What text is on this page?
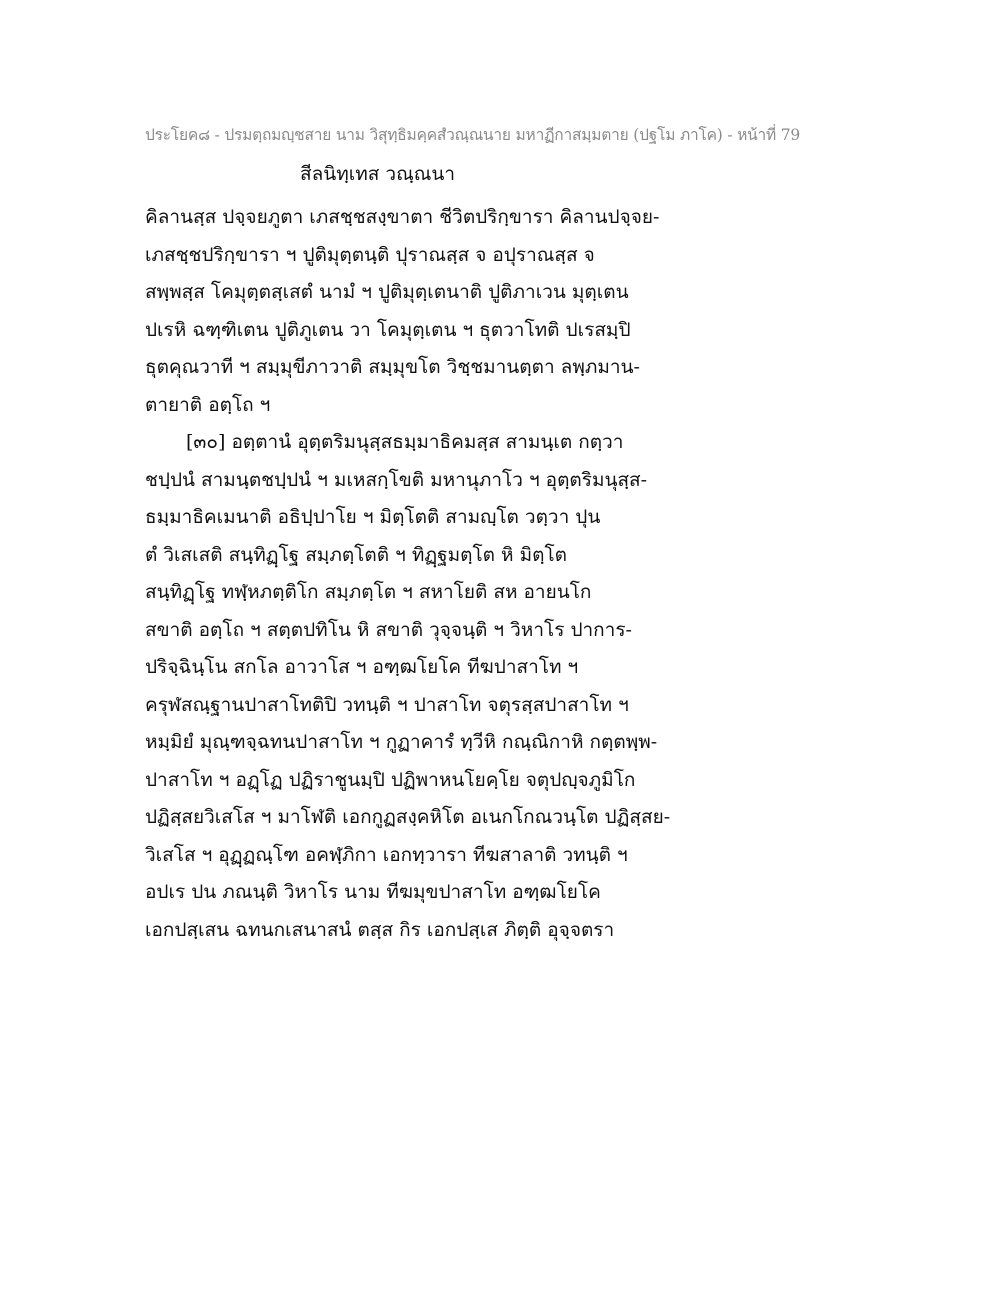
ประโยค๘ - ปรมตฺถมญฺชสาย นาม วิสุทฺธิมคฺคสํวณฺณนาย มหาฏีกาสมฺมตาย (ปฐโม ภาโค) - หน้าที่ 79
สีลนิทฺเทส วณฺณนา
คิลานสฺส ปจฺจยภูตา เภสชฺชสงฺขาตา ชีวิตปริกฺขารา คิลานปจฺจย-
เภสชฺชปริกฺขารา ฯ ปูติมุตฺตนฺติ ปุราณสฺส จ อปุราณสฺส จ
สพฺพสฺส โคมุตฺตสฺเสตํ นามํ ฯ ปูติมุตฺเตนาติ ปูติภาเวน มุตฺเตน
ปเรหิ ฉฑฺฑิเตน ปูติภูเตน วา โคมุตฺเตน ฯ ธุตวาโทติ ปเรสมฺปิ
ธุตคุณวาที ฯ สมฺมุขีภาวาติ สมฺมุขโต วิชฺชมานตฺตา ลพฺภมาน-
ตายาติ อตฺโถ ฯ
[๓๐] อตฺตานํ อุตฺตริมนุสฺสธมฺมาธิคมสฺส สามนฺเต กตฺวา
ชปฺปนํ สามนฺตชปฺปนํ ฯ มเหสกฺโขติ มหานุภาโว ฯ อุตฺตริมนุสฺส-
ธมฺมาธิคเมนาติ อธิปฺปาโย ฯ มิตฺโตติ สามญฺโต วตฺวา ปุน
ตํ วิเสเสติ สนฺทิฏฺโฐ สมฺภตฺโตติ ฯ ทิฏฺฐมตฺโต หิ มิตฺโต
สนฺทิฏฺโฐ ทฬฺหภตฺติโก สมฺภตฺโต ฯ สหาโยติ สห อายนโก
สขาติ อตฺโถ ฯ สตฺตปทิโน หิ สขาติ วุจฺจนฺติ ฯ วิหาโร ปาการ-
ปริจฺฉินฺโน สกโล อาวาโส ฯ อฑฺฒโยโค ทีฆปาสาโท ฯ
ครุฬสณฺฐานปาสาโทติปิ วทนฺติ ฯ ปาสาโท จตุรสฺสปาสาโท ฯ
หมฺมิยํ มุณฺฑจฺฉทนปาสาโท ฯ กูฏาคารํ ทฺวีหิ กณฺณิกาหิ กตฺตพฺพ-
ปาสาโท ฯ อฏฺโฏ ปฏิราชูนมฺปิ ปฏิพาหนโยคฺโย จตุปญฺจภูมิโก
ปฏิสฺสยวิเสโส ฯ มาโฬติ เอกกูฏสงฺคหิโต อเนกโกณวนฺโต ปฏิสฺสย-
วิเสโส ฯ อุฏฺฏณฺโฑ อคฬฺภิกา เอกทฺวารา ทีฆสาลาติ วทนฺติ ฯ
อปเร ปน ภณนฺติ วิหาโร นาม ทีฆมุขปาสาโท อฑฺฒโยโค
เอกปสฺเสน ฉทนกเสนาสนํ ตสฺส กิร เอกปสฺเส ภิตฺติ อุจฺจตรา
